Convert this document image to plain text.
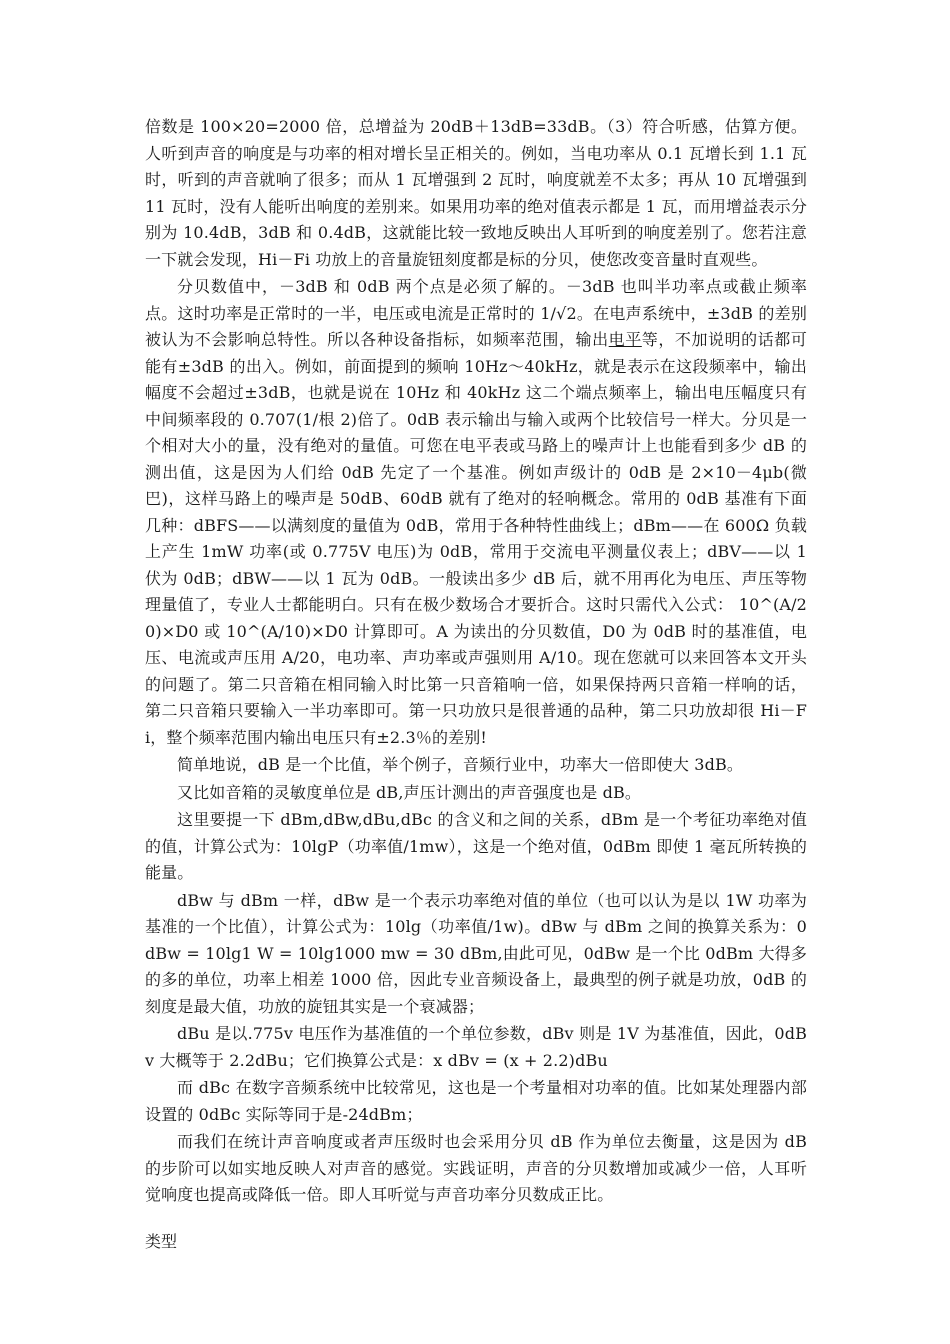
倍数是 100×20=2000 倍，总增益为 20dB＋13dB=33dB。（3）符合听感，估算方便。人听到声音的响度是与功率的相对增长呈正相关的。例如，当电功率从 0.1 瓦增长到 1.1 瓦时，听到的声音就响了很多；而从 1 瓦增强到 2 瓦时，响度就差不太多；再从 10 瓦增强到 11 瓦时，没有人能听出响度的差别来。如果用功率的绝对值表示都是 1 瓦，而用增益表示分别为 10.4dB，3dB 和 0.4dB，这就能比较一致地反映出人耳听到的响度差别了。您若注意一下就会发现，Hi－Fi 功放上的音量旋钮刻度都是标的分贝，使您改变音量时直观些。

分贝数值中，－3dB 和 0dB 两个点是必须了解的。－3dB 也叫半功率点或截止频率点。这时功率是正常时的一半，电压或电流是正常时的 1/√2。在电声系统中，±3dB 的差别被认为不会影响总特性。所以各种设备指标，如频率范围，输出电平等，不加说明的话都可能有±3dB 的出入。例如，前面提到的频响 10Hz～40kHz，就是表示在这段频率中，输出幅度不会超过±3dB，也就是说在 10Hz 和 40kHz 这二个端点频率上，输出电压幅度只有中间频率段的 0.707(1/根 2)倍了。0dB 表示输出与输入或两个比较信号一样大。分贝是一个相对大小的量，没有绝对的量值。可您在电平表或马路上的噪声计上也能看到多少 dB 的测出值，这是因为人们给 0dB 先定了一个基准。例如声级计的 0dB 是 2×10－4μb(微巴)，这样马路上的噪声是 50dB、60dB 就有了绝对的轻响概念。常用的 0dB 基准有下面几种：dBFS——以满刻度的量值为 0dB，常用于各种特性曲线上；dBm——在 600Ω 负载上产生 1mW 功率(或 0.775V 电压)为 0dB，常用于交流电平测量仪表上；dBV——以 1 伏为 0dB；dBW——以 1 瓦为 0dB。一般读出多少 dB 后，就不用再化为电压、声压等物理量值了，专业人士都能明白。只有在极少数场合才要折合。这时只需代入公式： 10^(A/20)×D0 或 10^(A/10)×D0 计算即可。A 为读出的分贝数值，D0 为 0dB 时的基准值，电压、电流或声压用 A/20，电功率、声功率或声强则用 A/10。现在您就可以来回答本文开头的问题了。第二只音箱在相同输入时比第一只音箱响一倍，如果保持两只音箱一样响的话，第二只音箱只要输入一半功率即可。第一只功放只是很普通的品种，第二只功放却很 Hi－Fi，整个频率范围内输出电压只有±2.3％的差别!

简单地说，dB 是一个比值，举个例子，音频行业中，功率大一倍即使大 3dB。

又比如音箱的灵敏度单位是 dB,声压计测出的声音强度也是 dB。

这里要提一下 dBm,dBw,dBu,dBc 的含义和之间的关系，dBm 是一个考征功率绝对值的值，计算公式为：10lgP（功率值/1mw），这是一个绝对值，0dBm 即使 1 毫瓦所转换的能量。

dBw 与 dBm 一样，dBw 是一个表示功率绝对值的单位（也可以认为是以 1W 功率为基准的一个比值），计算公式为：10lg（功率值/1w)。dBw 与 dBm 之间的换算关系为：0 dBw = 10lg1 W = 10lg1000 mw = 30 dBm,由此可见，0dBw 是一个比 0dBm 大得多的多的单位，功率上相差 1000 倍，因此专业音频设备上，最典型的例子就是功放，0dB 的刻度是最大值，功放的旋钮其实是一个衰减器；

dBu 是以.775v 电压作为基准值的一个单位参数，dBv 则是 1V 为基准值，因此，0dBv 大概等于 2.2dBu；它们换算公式是：x dBv = (x + 2.2)dBu

而 dBc 在数字音频系统中比较常见，这也是一个考量相对功率的值。比如某处理器内部设置的 0dBc 实际等同于是-24dBm；

而我们在统计声音响度或者声压级时也会采用分贝 dB 作为单位去衡量，这是因为 dB 的步阶可以如实地反映人对声音的感觉。实践证明，声音的分贝数增加或减少一倍，人耳听觉响度也提高或降低一倍。即人耳听觉与声音功率分贝数成正比。

类型
